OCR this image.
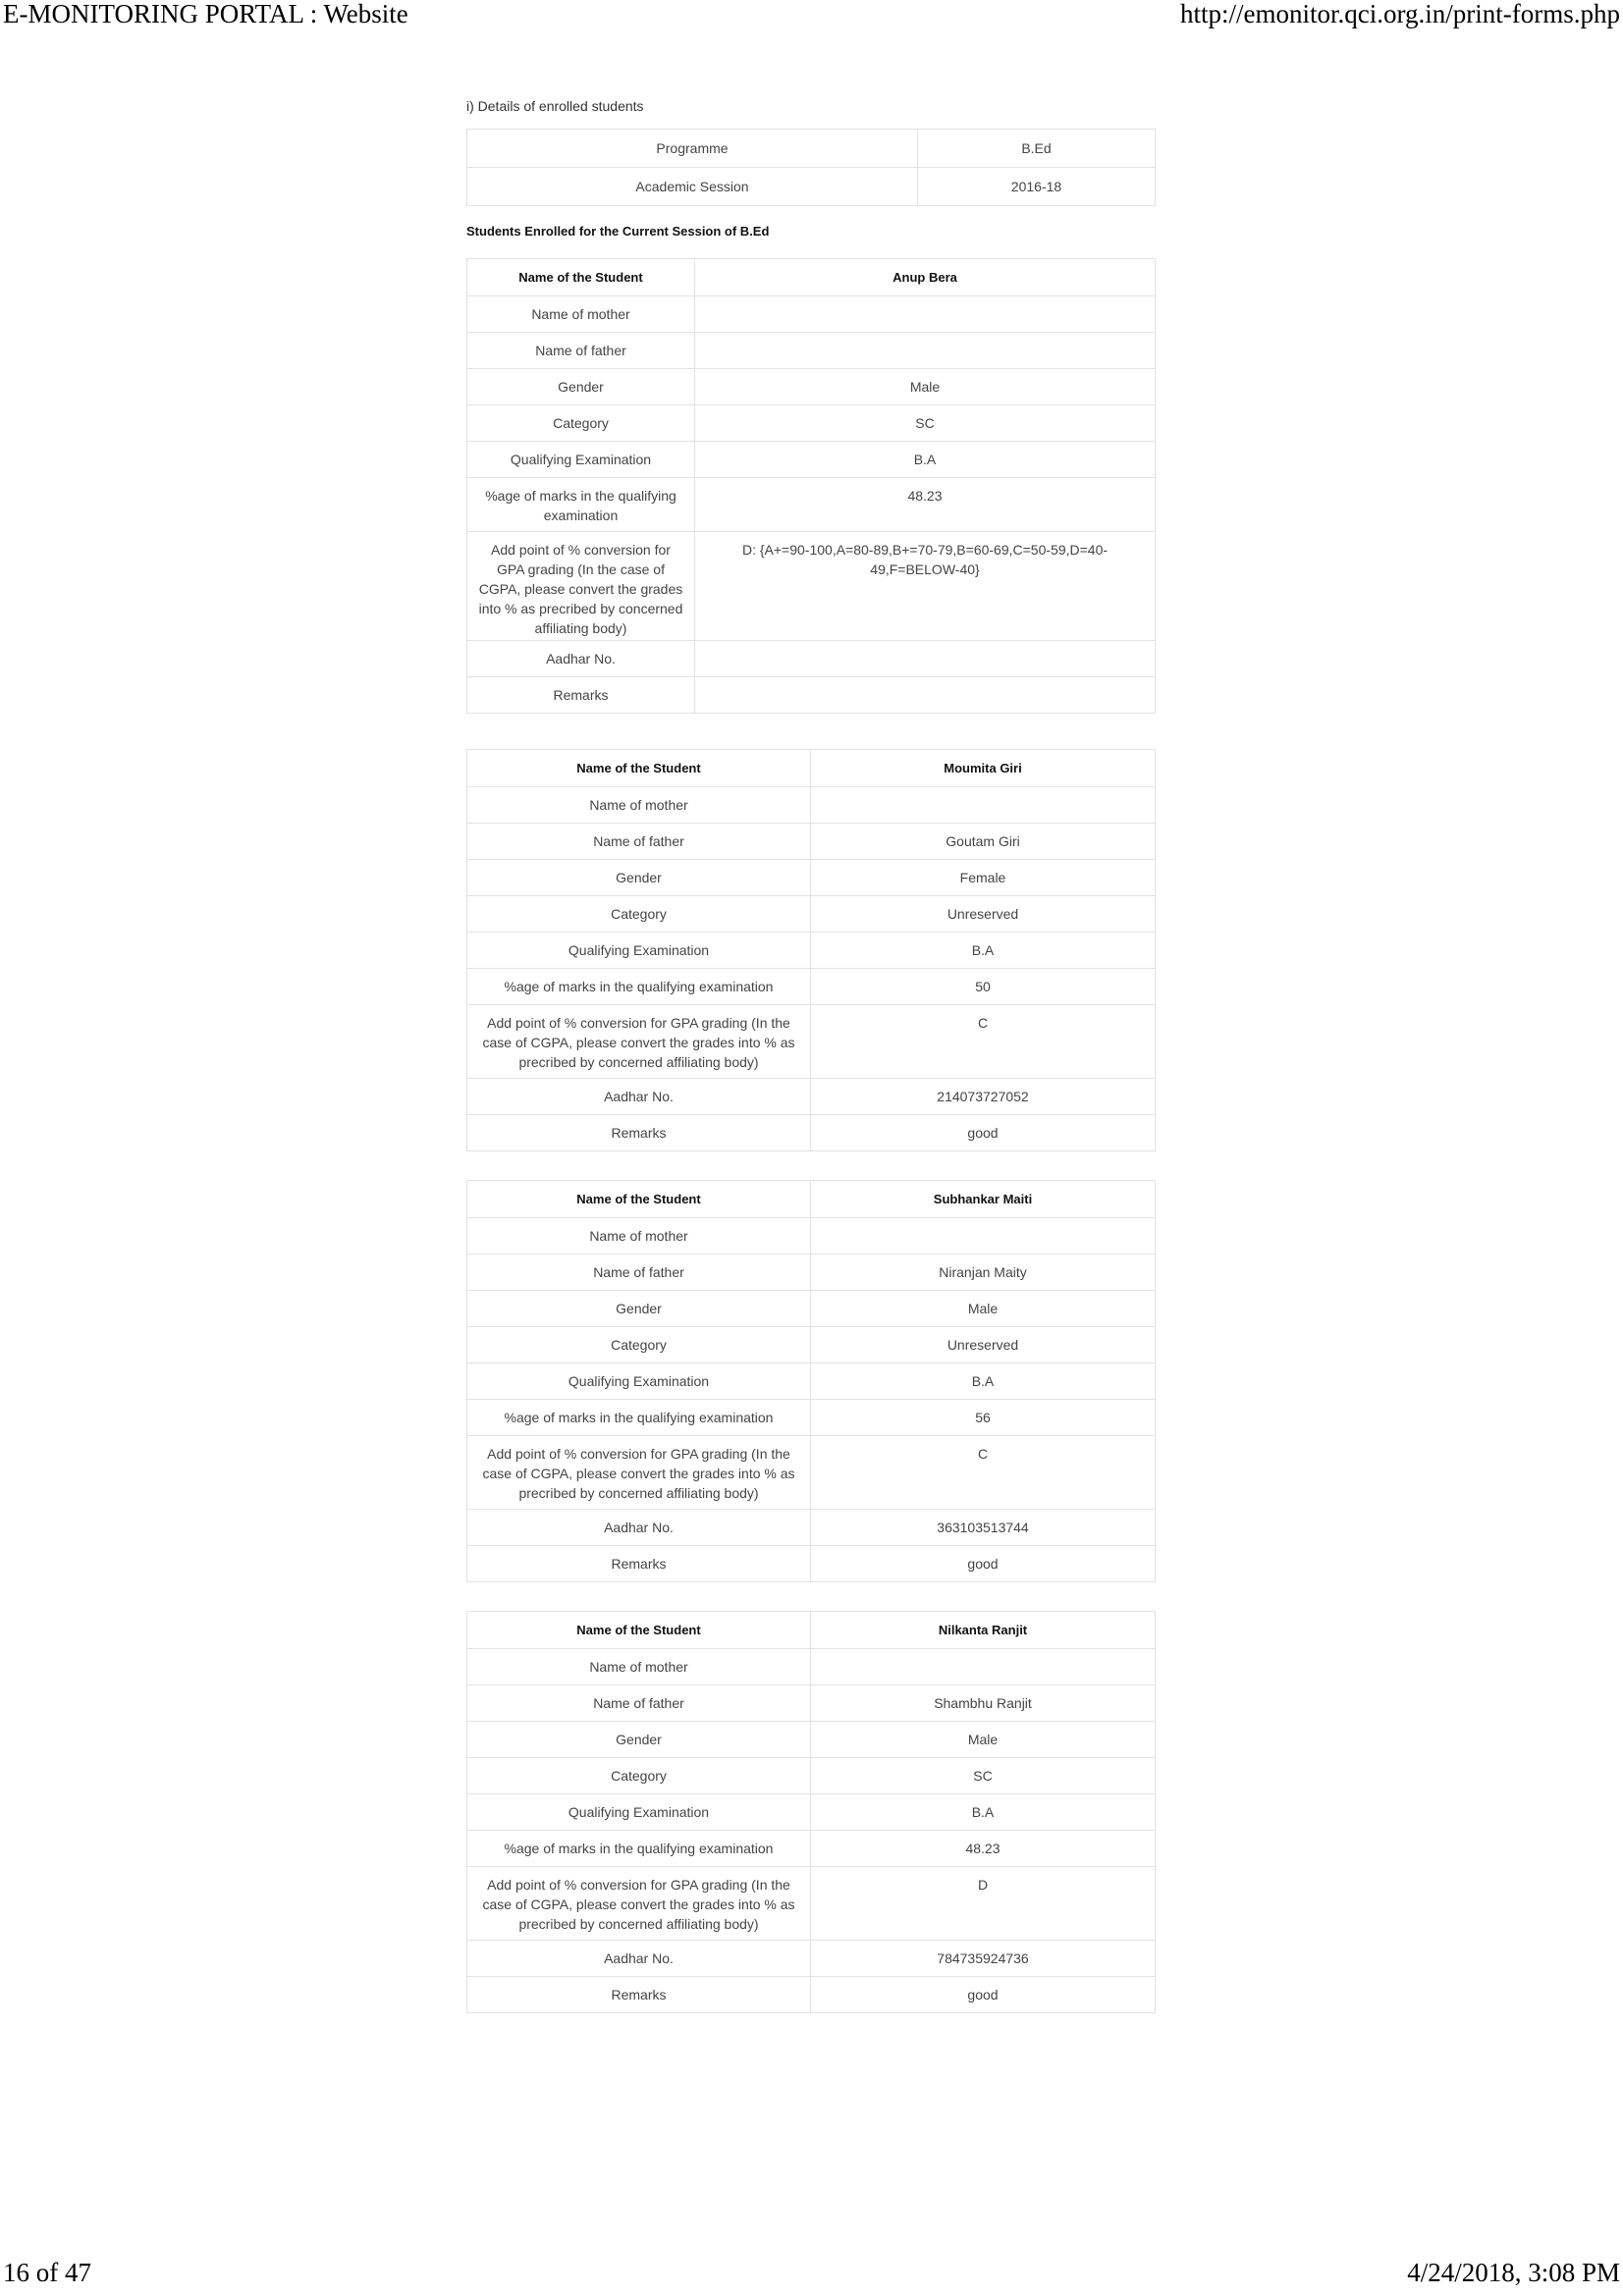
E-MONITORING PORTAL : Website	http://emonitor.qci.org.in/print-forms.php
i) Details of enrolled students
Programme	B.Ed
Academic Session	2016-18
Students Enrolled for the Current Session of B.Ed
Name of the Student	Anup Bera
Name of mother	
Name of father	
Gender	Male
Category	SC
Qualifying Examination	B.A
%age of marks in the qualifying examination	48.23
Add point of % conversion for GPA grading (In the case of CGPA, please convert the grades into % as precribed by concerned affiliating body)	D: {A+=90-100,A=80-89,B+=70-79,B=60-69,C=50-59,D=40-49,F=BELOW-40}
Aadhar No.	
Remarks	
Name of the Student	Moumita Giri
Name of mother	
Name of father	Goutam Giri
Gender	Female
Category	Unreserved
Qualifying Examination	B.A
%age of marks in the qualifying examination	50
Add point of % conversion for GPA grading (In the case of CGPA, please convert the grades into % as precribed by concerned affiliating body)	C
Aadhar No.	214073727052
Remarks	good
Name of the Student	Subhankar Maiti
Name of mother	
Name of father	Niranjan Maity
Gender	Male
Category	Unreserved
Qualifying Examination	B.A
%age of marks in the qualifying examination	56
Add point of % conversion for GPA grading (In the case of CGPA, please convert the grades into % as precribed by concerned affiliating body)	C
Aadhar No.	363103513744
Remarks	good
Name of the Student	Nilkanta Ranjit
Name of mother	
Name of father	Shambhu Ranjit
Gender	Male
Category	SC
Qualifying Examination	B.A
%age of marks in the qualifying examination	48.23
Add point of % conversion for GPA grading (In the case of CGPA, please convert the grades into % as precribed by concerned affiliating body)	D
Aadhar No.	784735924736
Remarks	good
16 of 47	4/24/2018, 3:08 PM
